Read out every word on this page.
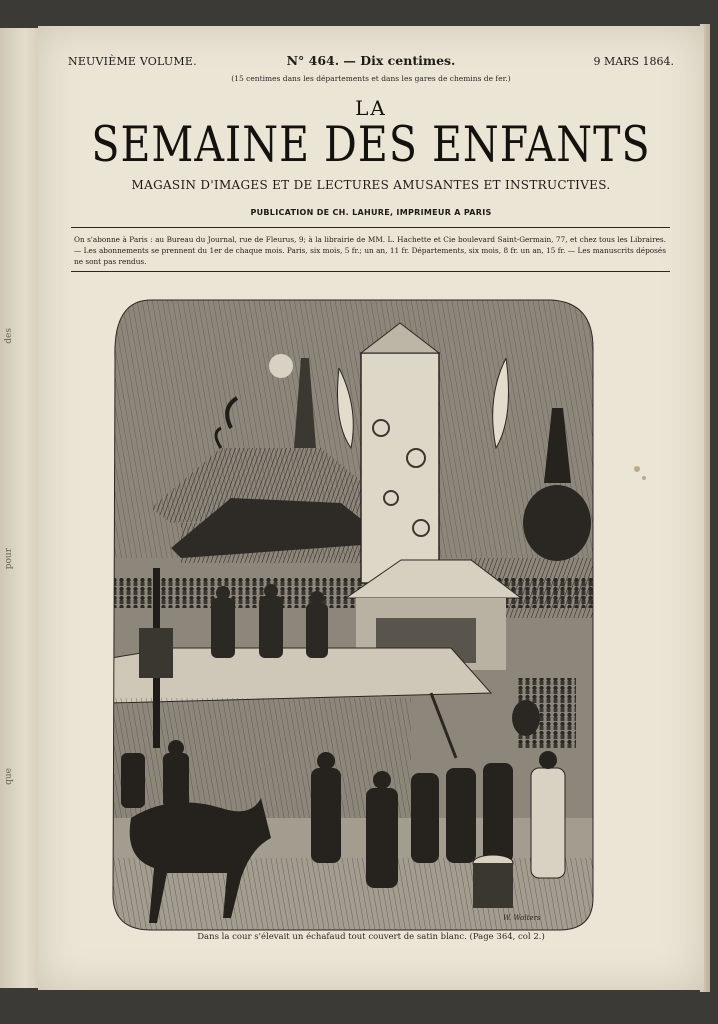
des
pour
que
NEUVIÈME VOLUME.	N° 464. — Dix centimes.	9 MARS 1864.
(15 centimes dans les départements et dans les gares de chemins de fer.)
LA
SEMAINE DES ENFANTS
MAGASIN D'IMAGES ET DE LECTURES AMUSANTES ET INSTRUCTIVES.
PUBLICATION DE CH. LAHURE, IMPRIMEUR A PARIS
On s'abonne à Paris : au Bureau du Journal, rue de Fleurus, 9; à la librairie de MM. L. Hachette et Cie boulevard Saint-Germain, 77, et chez tous les Libraires. — Les abonnements se prennent du 1er de chaque mois. Paris, six mois, 5 fr.; un an, 11 fr. Départements, six mois, 8 fr. un an, 15 fr. — Les manuscrits déposés ne sont pas rendus.
W. Wolters
Dans la cour s'élevait un échafaud tout couvert de satin blanc. (Page 364, col 2.)
